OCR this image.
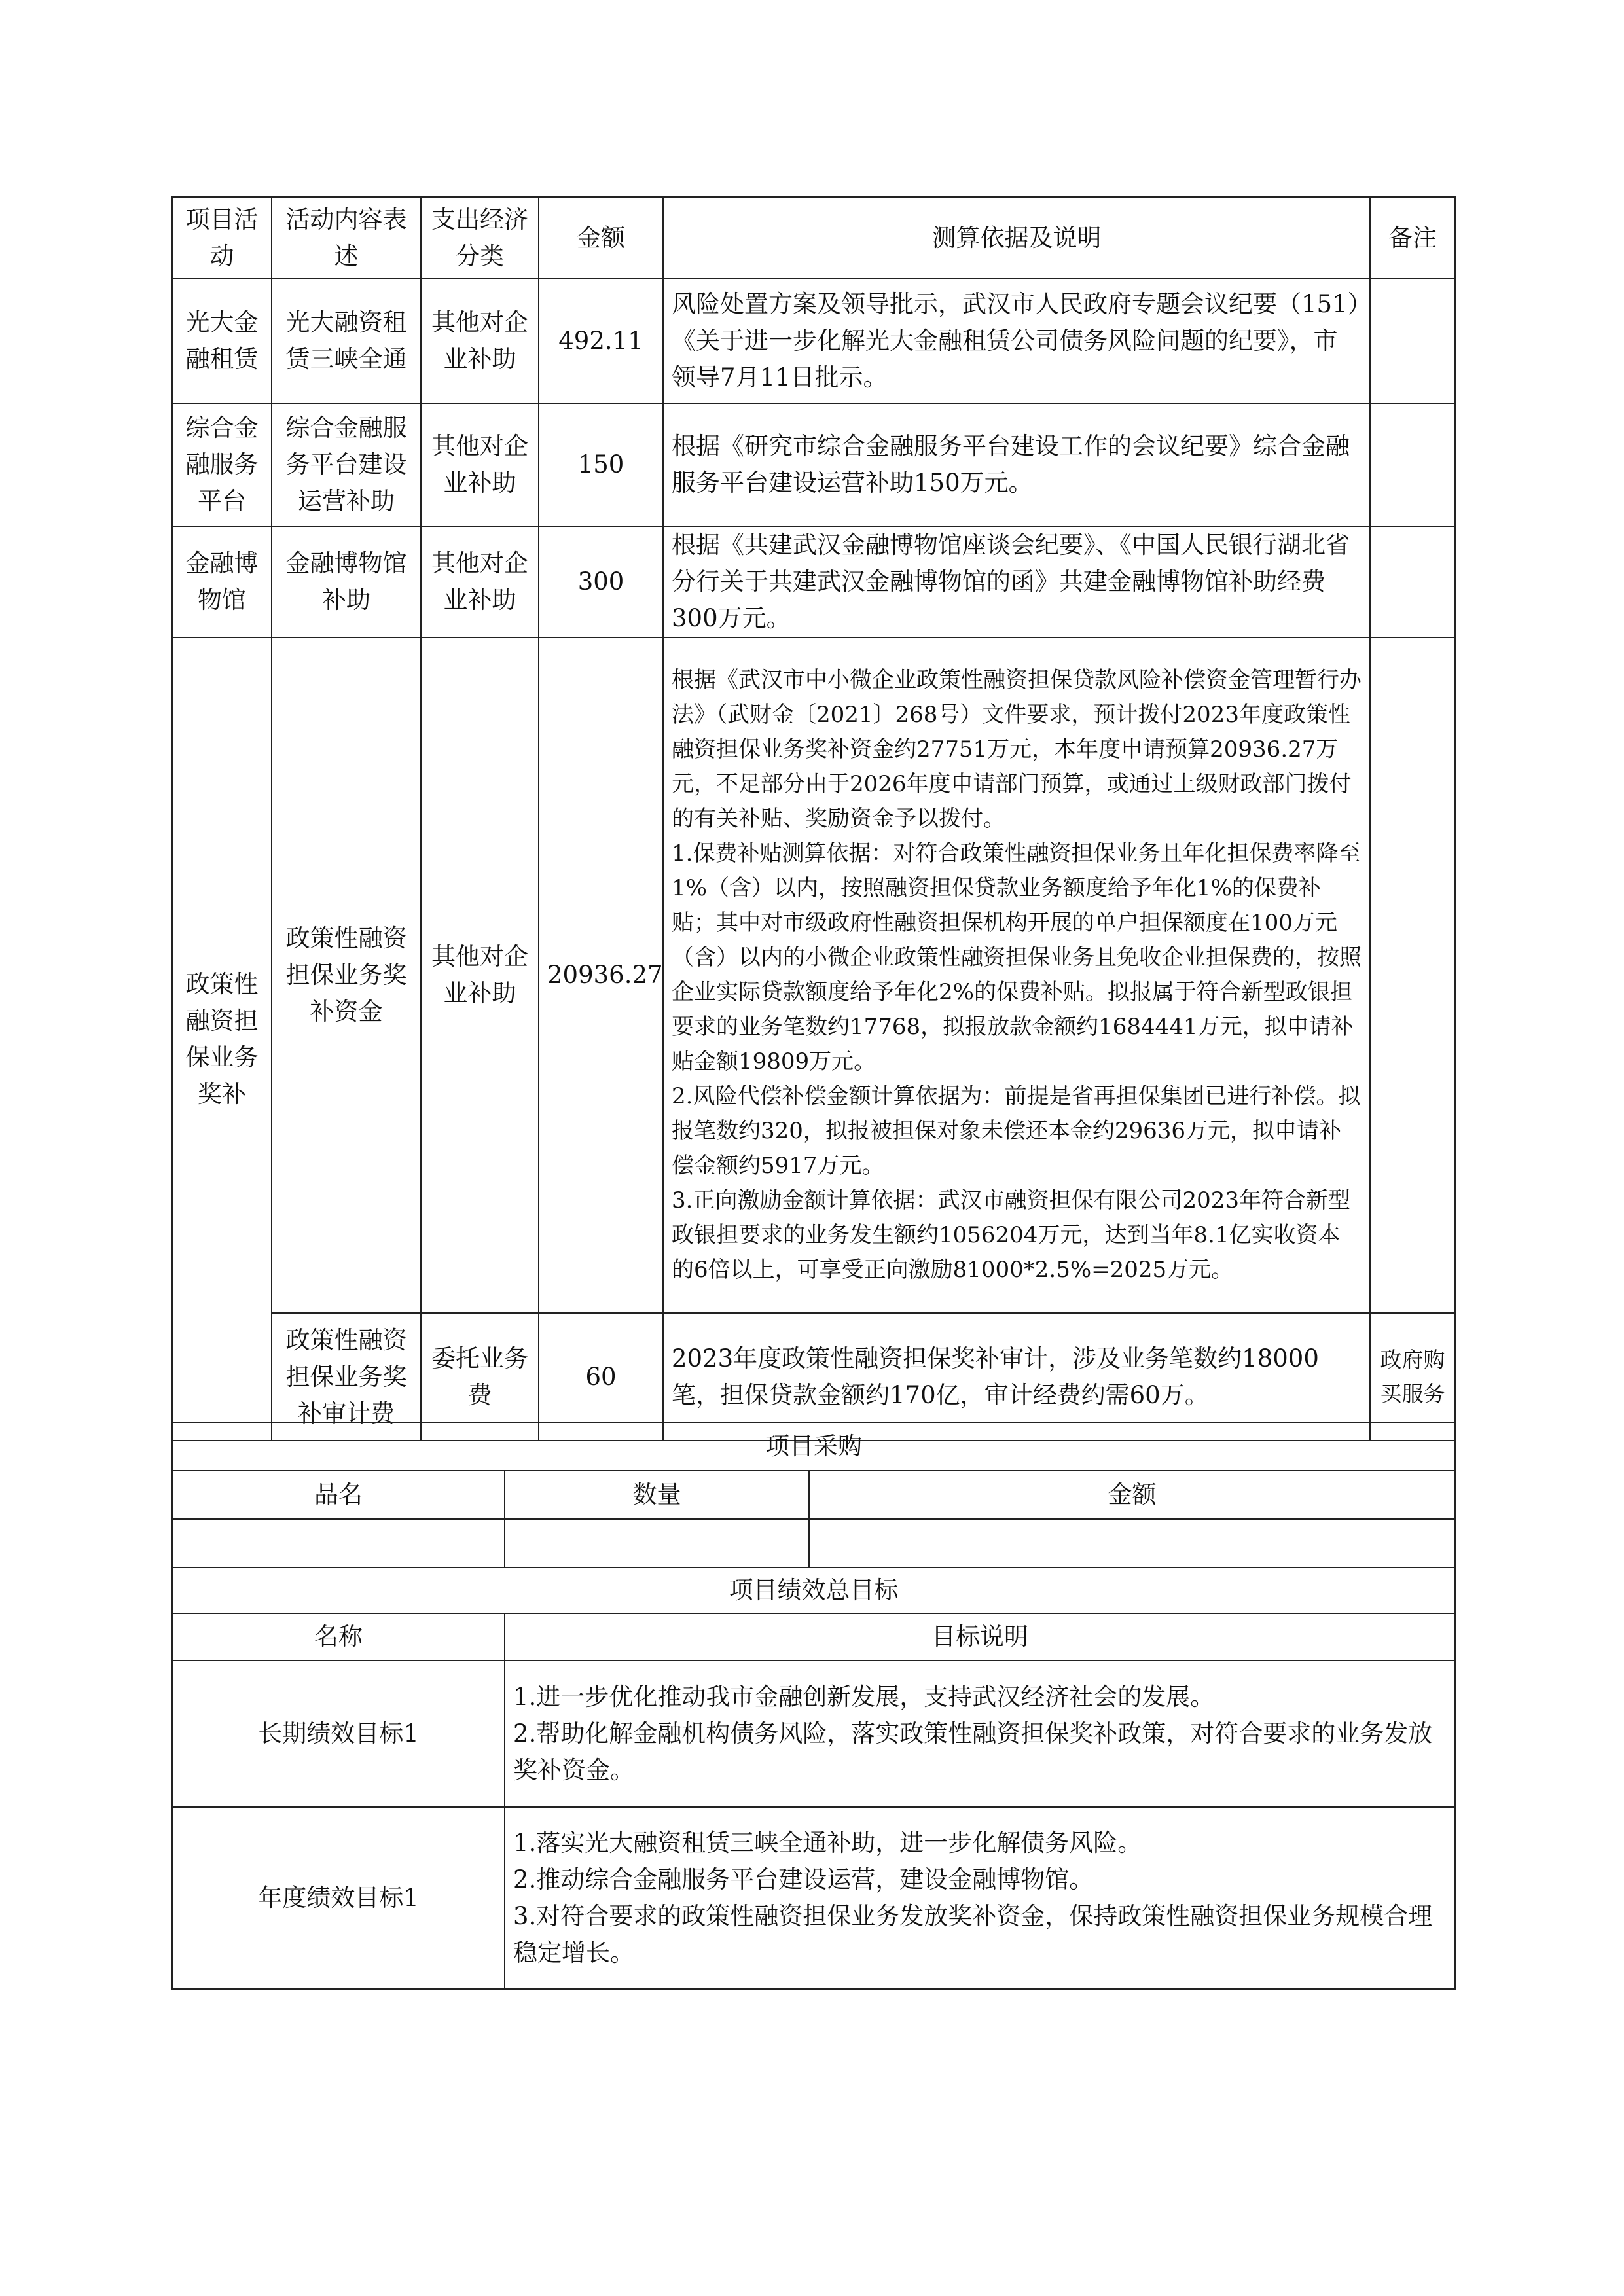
项目活动	活动内容表述	支出经济分类	金额	测算依据及说明	备注
光大金融租赁	光大融资租赁三峡全通	其他对企业补助	492.11	风险处置方案及领导批示，武汉市人民政府专题会议纪要（151）《关于进一步化解光大金融租赁公司债务风险问题的纪要》，市领导7月11日批示。	

综合金融服务平台	综合金融服务平台建设运营补助	其他对企业补助	150	根据《研究市综合金融服务平台建设工作的会议纪要》综合金融服务平台建设运营补助150万元。	

金融博物馆	金融博物馆补助	其他对企业补助	300	根据《共建武汉金融博物馆座谈会纪要》、《中国人民银行湖北省分行关于共建武汉金融博物馆的函》共建金融博物馆补助经费300万元。	

政策性融资担保业务奖补	政策性融资担保业务奖补资金	其他对企业补助	20936.27	根据《武汉市中小微企业政策性融资担保贷款风险补偿资金管理暂行办法》（武财金〔2021〕268号）文件要求，预计拨付2023年度政策性融资担保业务奖补资金约27751万元，本年度申请预算20936.27万元，不足部分由于2026年度申请部门预算，或通过上级财政部门拨付的有关补贴、奖励资金予以拨付。

1.保费补贴测算依据：对符合政策性融资担保业务且年化担保费率降至1%（含）以内，按照融资担保贷款业务额度给予年化1%的保费补贴；其中对市级政府性融资担保机构开展的单户担保额度在100万元（含）以内的小微企业政策性融资担保业务且免收企业担保费的，按照企业实际贷款额度给予年化2%的保费补贴。拟报属于符合新型政银担要求的业务笔数约17768，拟报放款金额约1684441万元，拟申请补贴金额19809万元。

2.风险代偿补偿金额计算依据为：前提是省再担保集团已进行补偿。拟报笔数约320，拟报被担保对象未偿还本金约29636万元，拟申请补偿金额约5917万元。

3.正向激励金额计算依据：武汉市融资担保有限公司2023年符合新型政银担要求的业务发生额约1056204万元，达到当年8.1亿实收资本的6倍以上，可享受正向激励81000*2.5%=2025万元。	

	政策性融资担保业务奖补审计费	委托业务费	60	2023年度政策性融资担保奖补审计，涉及业务笔数约18000笔，担保贷款金额约170亿，审计经费约需60万。	政府购买服务
项目采购		
品名	数量	金额

项目绩效总目标	
名称	目标说明
长期绩效目标1	1.进一步优化推动我市金融创新发展，支持武汉经济社会的发展。

2.帮助化解金融机构债务风险，落实政策性融资担保奖补政策，对符合要求的业务发放奖补资金。

年度绩效目标1	1.落实光大融资租赁三峡全通补助，进一步化解债务风险。

2.推动综合金融服务平台建设运营，建设金融博物馆。

3.对符合要求的政策性融资担保业务发放奖补资金，保持政策性融资担保业务规模合理稳定增长。
